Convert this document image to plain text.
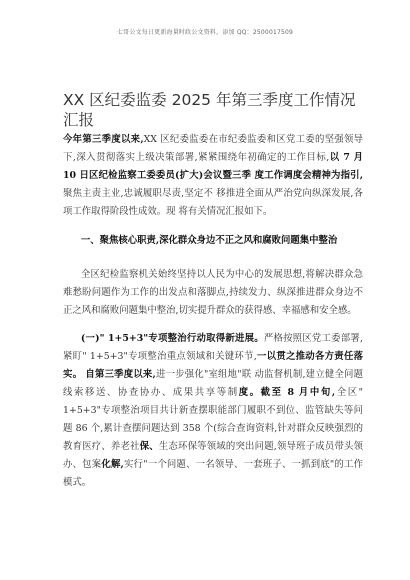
七哥公文每日更新海量时政公文资料，添加 QQ：2500017509
XX 区纪委监委 2025 年第三季度工作情况汇报

今年第三季度以来,XX 区纪委监委在市纪委监委和区党工委的坚强领导下,深入贯彻落实上级决策部署,紧紧围绕年初确定的工作目标,以 7 月 10 日区纪检监察工委委员(扩大)会议暨三季 度工作调度会精神为指引,聚焦主责主业,忠诚履职尽责,坚定不 移推进全面从严治党向纵深发展,各项工作取得阶段性成效。现 将有关情况汇报如下。

一、聚焦核心职责,深化群众身边不正之风和腐败问题集中整治

全区纪检监察机关始终坚持以人民为中心的发展思想,将解决群众急难愁盼问题作为工作的出发点和落脚点,持续发力、纵深推进群众身边不正之风和腐败问题集中整治,切实提升群众的获得感、幸福感和安全感。

(一)" 1+5+3"专项整治行动取得新进展。严格按照区党工委部署,紧盯" 1+5+3"专项整治重点领域和关键环节,一以贯之推动各方责任落实。 自第三季度以来,进一步强化"室组地"联 动监督机制,建立健全问题线索移送、协查协办、成果共享等制度。截至 8 月中旬,全区" 1+5+3"专项整治项目共计新查摆职能部门履职不到位、监管缺失等问题 86 个,累计查摆问题达到 358 个(综合查询资料,针对群众反映强烈的教育医疗、养老社保、生态环保等领域的突出问题,领导班子成员带头领办、包案化解,实行"一个问题、一名领导、一套班子、一抓到底"的工作模式。
